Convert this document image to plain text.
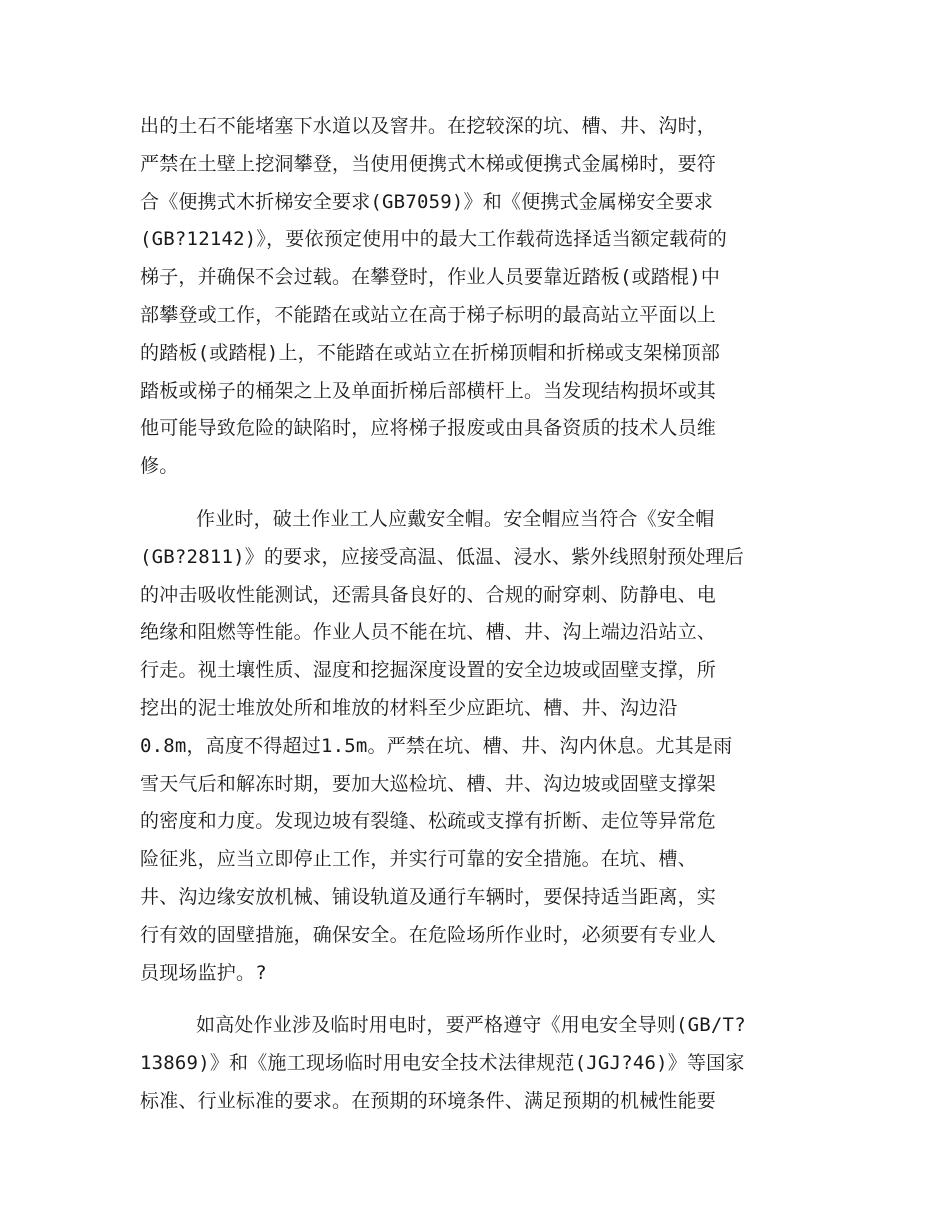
出的土石不能堵塞下水道以及窨井。在挖较深的坑、槽、井、沟时，
严禁在土壁上挖洞攀登，当使用便携式木梯或便携式金属梯时，要符
合《便携式木折梯安全要求(GB7059)》和《便携式金属梯安全要求
(GB?12142)》，要依预定使用中的最大工作载荷选择适当额定载荷的
梯子，并确保不会过载。在攀登时，作业人员要靠近踏板(或踏棍)中
部攀登或工作，不能踏在或站立在高于梯子标明的最高站立平面以上
的踏板(或踏棍)上，不能踏在或站立在折梯顶帽和折梯或支架梯顶部
踏板或梯子的桶架之上及单面折梯后部横杆上。当发现结构损坏或其
他可能导致危险的缺陷时，应将梯子报废或由具备资质的技术人员维
修。
作业时，破土作业工人应戴安全帽。安全帽应当符合《安全帽
(GB?2811)》的要求，应接受高温、低温、浸水、紫外线照射预处理后
的冲击吸收性能测试，还需具备良好的、合规的耐穿刺、防静电、电
绝缘和阻燃等性能。作业人员不能在坑、槽、井、沟上端边沿站立、
行走。视土壤性质、湿度和挖掘深度设置的安全边坡或固壁支撑，所
挖出的泥士堆放处所和堆放的材料至少应距坑、槽、井、沟边沿
0.8m，高度不得超过1.5m。严禁在坑、槽、井、沟内休息。尤其是雨
雪天气后和解冻时期，要加大巡检坑、槽、井、沟边坡或固壁支撑架
的密度和力度。发现边坡有裂缝、松疏或支撑有折断、走位等异常危
险征兆，应当立即停止工作，并实行可靠的安全措施。在坑、槽、
井、沟边缘安放机械、铺设轨道及通行车辆时，要保持适当距离，实
行有效的固壁措施，确保安全。在危险场所作业时，必须要有专业人
员现场监护。?
如高处作业涉及临时用电时，要严格遵守《用电安全导则(GB/T?
13869)》和《施工现场临时用电安全技术法律规范(JGJ?46)》等国家
标准、行业标准的要求。在预期的环境条件、满足预期的机械性能要
